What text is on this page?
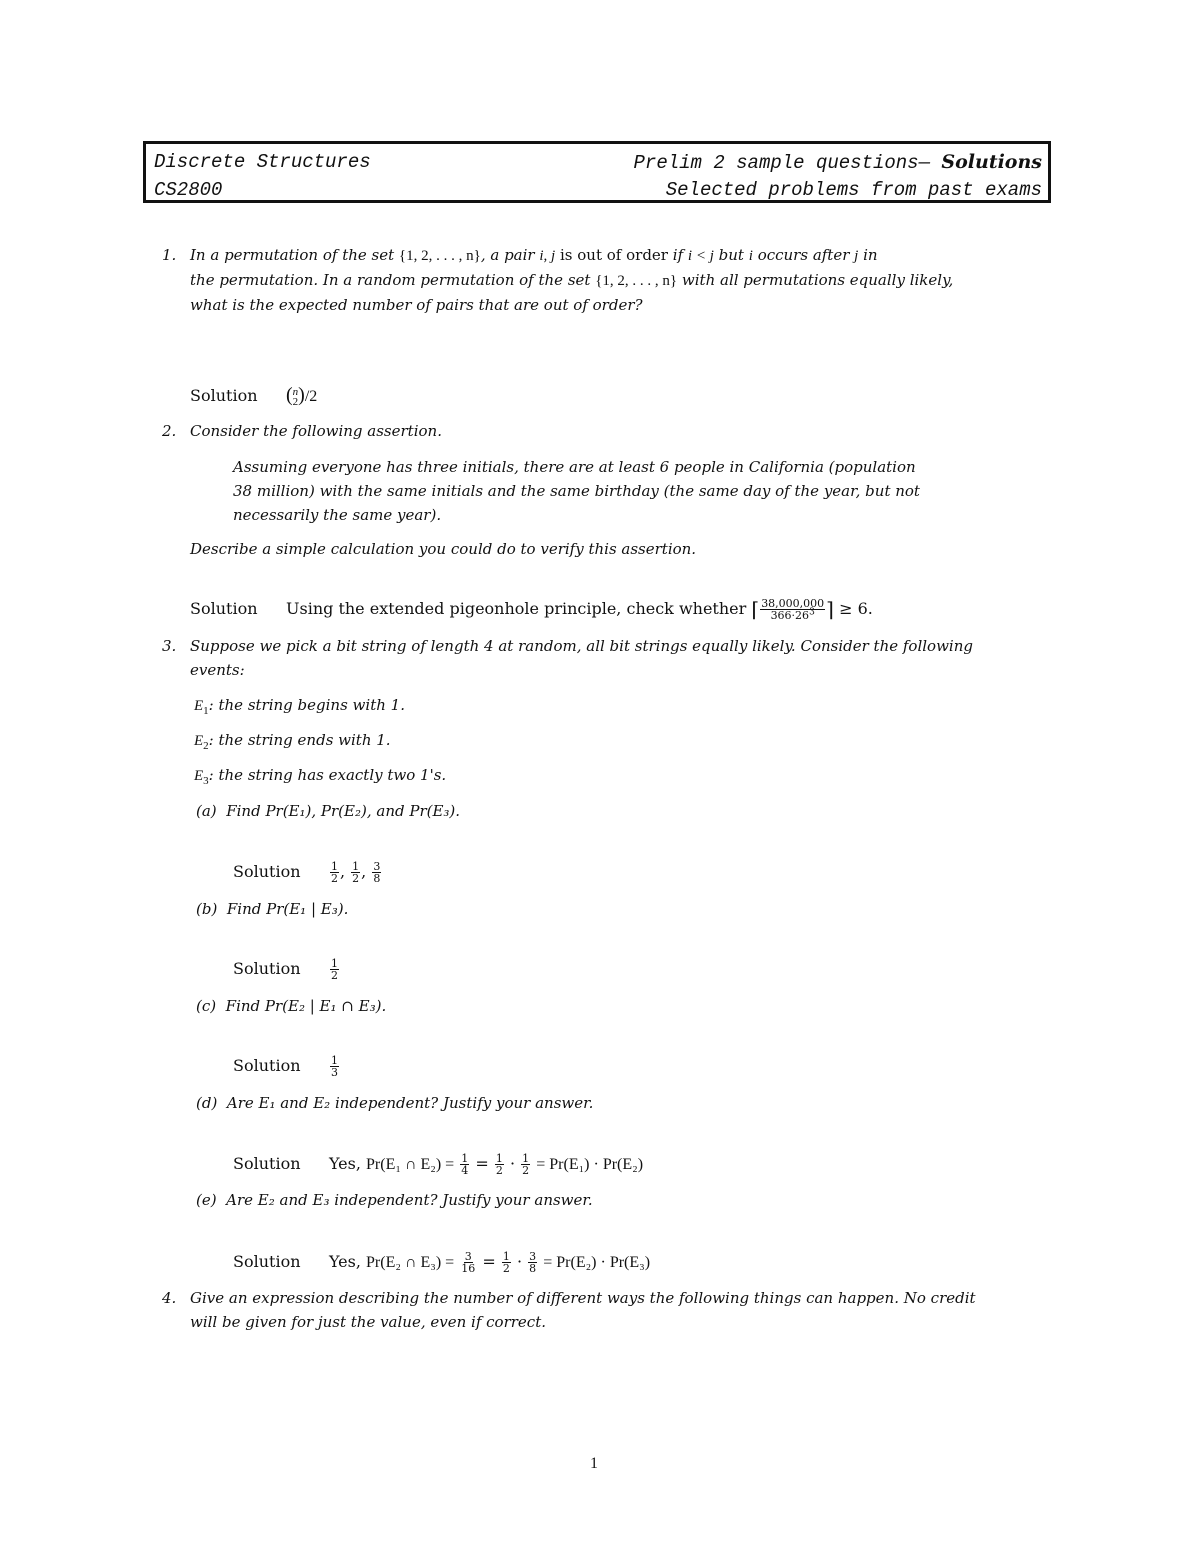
Discrete Structures	Prelim 2 sample questions— Solutions
CS2800	Selected problems from past exams
1. In a permutation of the set {1, 2, . . . , n}, a pair i, j is out of order if i < j but i occurs after j in

the permutation. In a random permutation of the set {1, 2, . . . , n} with all permutations equally likely,

what is the expected number of pairs that are out of order?

Solution ( n
2 )/2
2. Consider the following assertion.

Assuming everyone has three initials, there are at least 6 people in California (population
38 million) with the same initials and the same birthday (the same day of the year, but not
necessarily the same year).
Describe a simple calculation you could do to verify this assertion.
Solution Using the extended pigeonhole principle, check whether ⌈ $\frac{38,000,000}{366\cdot 26^3}$ ⌉ ≥ 6.
3. Suppose we pick a bit string of length 4 at random, all bit strings equally likely. Consider the following

events:

$E_1$: the string begins with 1.
$E_2$: the string ends with 1.
$E_3$: the string has exactly two 1's.
(a) Find Pr(E₁), Pr(E₂), and Pr(E₃).
Solution	$\frac{1}{2}$ , $\frac{1}{2}$ , $\frac{3}{8}$
(b) Find Pr(E₁ | E₃).
Solution	$\frac{1}{2}$
(c) Find Pr(E₂ | E₁ ∩ E₃).
Solution	$\frac{1}{3}$
(d) Are E₁ and E₂ independent? Justify your answer.
Solution Yes, Pr(E₁ ∩ $E_2) = \frac{1}{4} = \frac{1}{2} \cdot \frac{1}{2} = Pr(E_1) \cdot Pr(E_2)$
(e) Are E₂ and E₃ independent? Justify your answer.
Solution Yes, Pr(E₂ ∩ $E_3) = \frac{3}{16} = \frac{1}{2} \cdot \frac{3}{8} = Pr(E_2) \cdot Pr(E_3)$
4. Give an expression describing the number of different ways the following things can happen. No credit

will be given for just the value, even if correct.

1
